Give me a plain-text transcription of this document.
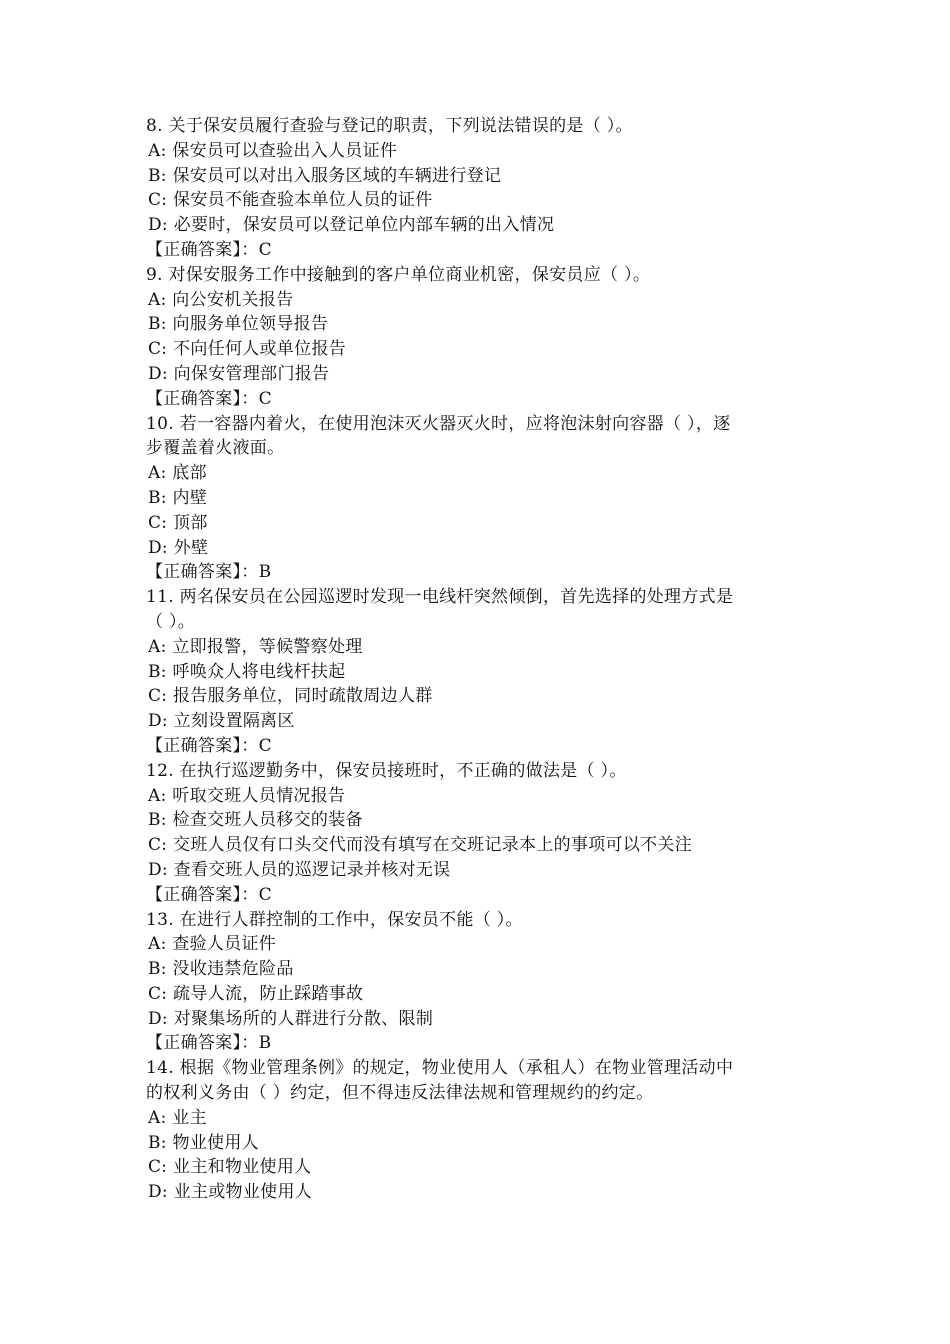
8. 关于保安员履行查验与登记的职责，下列说法错误的是（ ）。
A: 保安员可以查验出入人员证件
B: 保安员可以对出入服务区域的车辆进行登记
C: 保安员不能查验本单位人员的证件
D: 必要时，保安员可以登记单位内部车辆的出入情况
【正确答案】：C
9. 对保安服务工作中接触到的客户单位商业机密，保安员应（ ）。
A: 向公安机关报告
B: 向服务单位领导报告
C: 不向任何人或单位报告
D: 向保安管理部门报告
【正确答案】：C
10. 若一容器内着火，在使用泡沫灭火器灭火时，应将泡沫射向容器（ ），逐
步覆盖着火液面。
A: 底部
B: 内壁
C: 顶部
D: 外壁
【正确答案】：B
11. 两名保安员在公园巡逻时发现一电线杆突然倾倒，首先选择的处理方式是
（ ）。
A: 立即报警，等候警察处理
B: 呼唤众人将电线杆扶起
C: 报告服务单位，同时疏散周边人群
D: 立刻设置隔离区
【正确答案】：C
12. 在执行巡逻勤务中，保安员接班时，不正确的做法是（ ）。
A: 听取交班人员情况报告
B: 检查交班人员移交的装备
C: 交班人员仅有口头交代而没有填写在交班记录本上的事项可以不关注
D: 查看交班人员的巡逻记录并核对无误
【正确答案】：C
13. 在进行人群控制的工作中，保安员不能（ ）。
A: 查验人员证件
B: 没收违禁危险品
C: 疏导人流，防止踩踏事故
D: 对聚集场所的人群进行分散、限制
【正确答案】：B
14. 根据《物业管理条例》的规定，物业使用人（承租人）在物业管理活动中
的权利义务由（ ）约定，但不得违反法律法规和管理规约的约定。
A: 业主
B: 物业使用人
C: 业主和物业使用人
D: 业主或物业使用人
